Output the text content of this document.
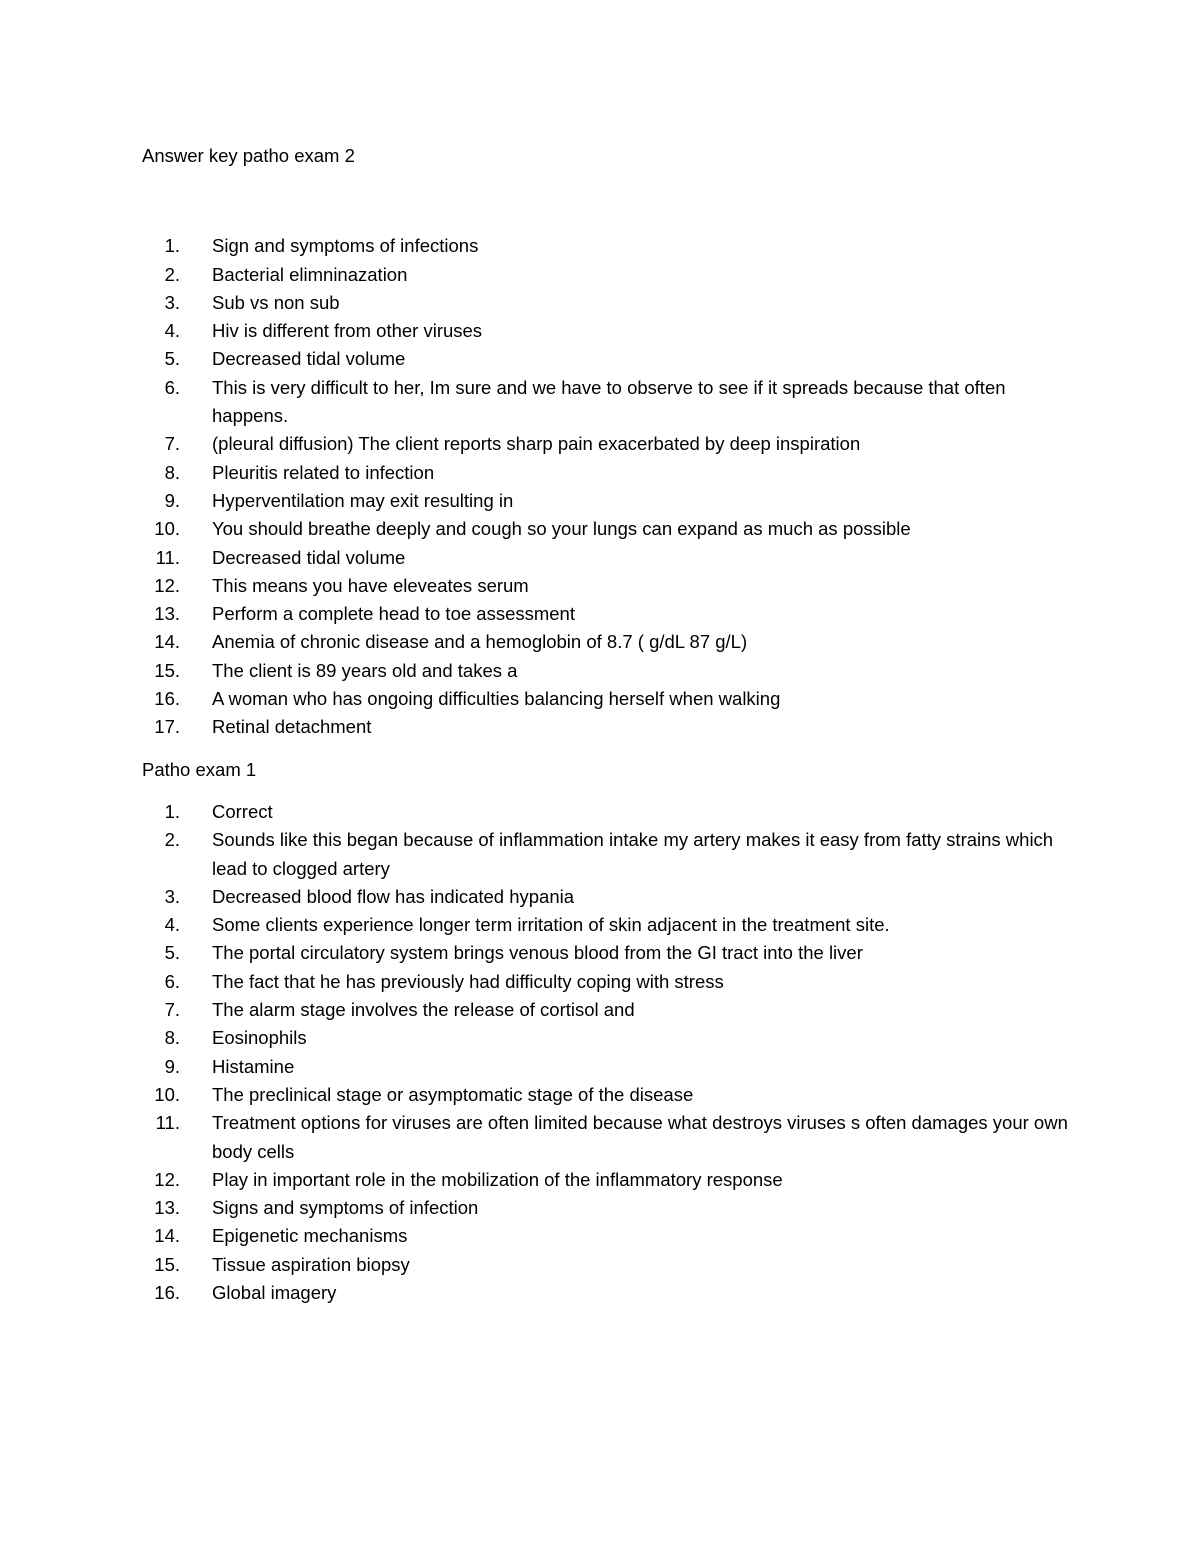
Answer key patho exam 2

1.	Sign and symptoms of infections
2.	Bacterial elimninazation
3.	Sub vs non sub
4.	Hiv is different from other viruses
5.	Decreased tidal volume
6.	This is very difficult to her, Im sure and we have to observe to see if it spreads because that often happens.
7.	(pleural diffusion) The client reports sharp pain exacerbated by deep inspiration
8.	Pleuritis related to infection
9.	Hyperventilation may exit resulting in
10.	You should breathe deeply and cough so your lungs can expand as much as possible
11.	Decreased tidal volume
12.	This means you have eleveates serum
13.	Perform a complete head to toe assessment
14.	Anemia of chronic disease and a hemoglobin of 8.7 ( g/dL 87 g/L)
15.	The client is 89 years old and takes a
16.	A woman who has ongoing difficulties balancing herself when walking
17.	Retinal detachment

Patho exam 1

1.	Correct
2.	Sounds like this began because of inflammation intake my artery makes it easy from fatty strains which lead to clogged artery
3.	Decreased blood flow has indicated hypania
4.	Some clients experience longer term irritation of skin adjacent in the treatment site.
5.	The portal circulatory system brings venous blood from the GI tract into the liver
6.	The fact that he has previously had difficulty coping with stress
7.	The alarm stage involves the release of cortisol and
8.	Eosinophils
9.	Histamine
10.	The preclinical stage or asymptomatic stage of the disease
11.	Treatment options for viruses are often limited because what destroys viruses s often damages your own body cells
12.	Play in important role in the mobilization of the inflammatory response
13.	Signs and symptoms of infection
14.	Epigenetic mechanisms
15.	Tissue aspiration biopsy
16.	Global imagery
